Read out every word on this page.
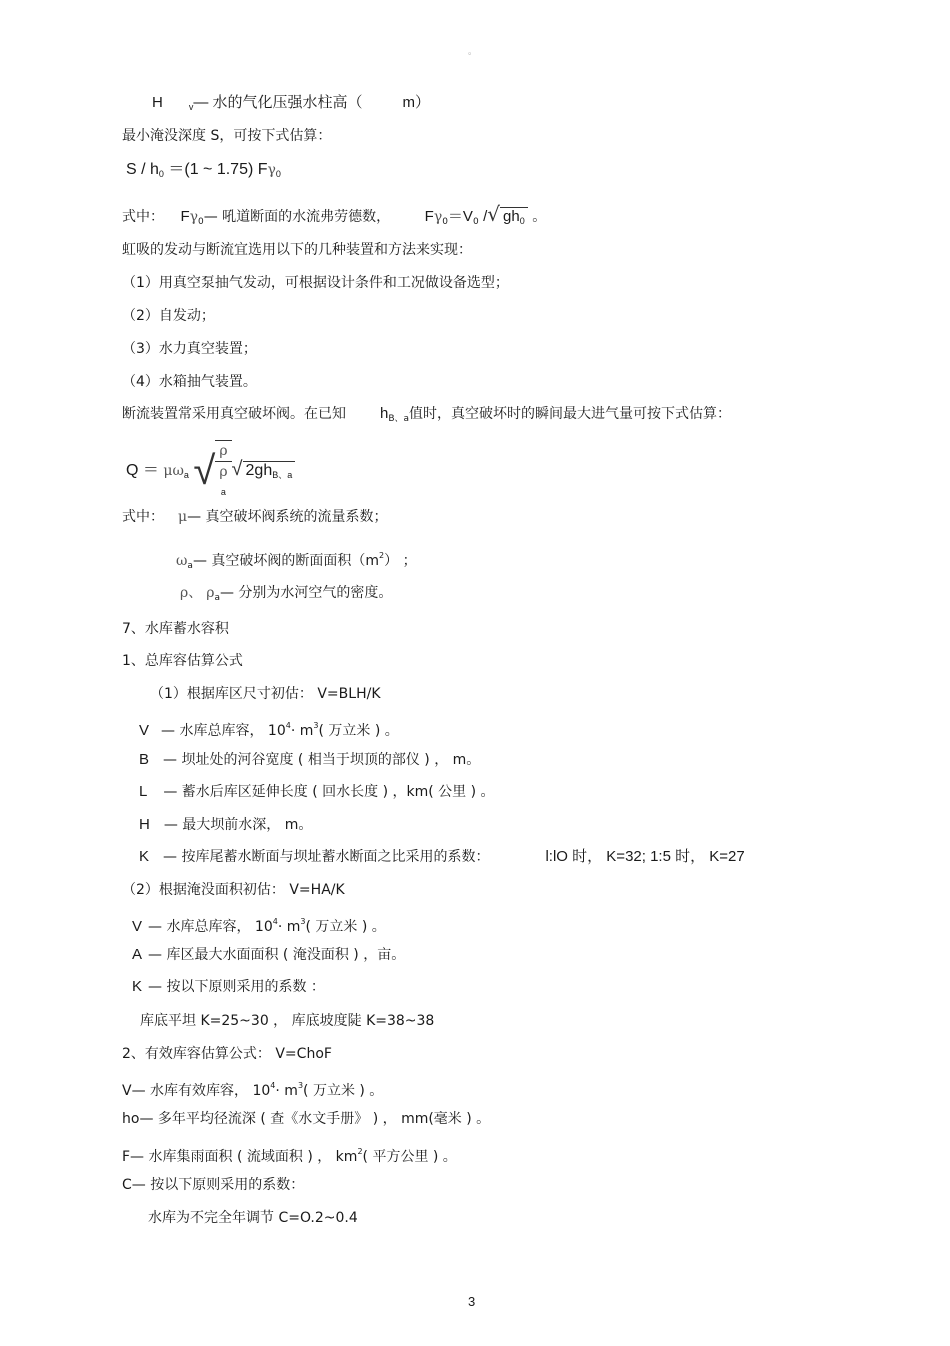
。
H	$_v$— 水的气化压强水柱高（	m）
最小淹没深度 S，可按下式估算：
$S / h_0 =(1$ ~ 1.75) $F\gamma_0$
式中： $F\gamma_0—$ 吼道断面的水流弗劳德数， $F\gamma_0=V_0$ /√ $gh_0$ 。
虹吸的发动与断流宜选用以下的几种装置和方法来实现：
（1）用真空泵抽气发动，可根据设计条件和工况做设备选型；
（2）自发动；
（3）水力真空装置；
（4）水箱抽气装置。
断流装置常采用真空破坏阀。在已知 $h_{B、a}$值时，真空破坏时的瞬间最大进气量可按下式估算：
$Q = \mu\omega_a$ √ ρ
ρ
a √ $2gh_{B、a}$
式中： μ— 真空破坏阀系统的流量系数；
$\omega_a—$ 真空破坏阀的断面面积$(m^2)$ ；
ρ、 $\rho_a—$ 分别为水河空气的密度。
7、水库蓄水容积
1、总库容估算公式
（1）根据库区尺寸初估： V=BLH/K
V — 水库总库容， $10^4\cdot m^3$( 万立米 ) 。
B — 坝址处的河谷宽度 ( 相当于坝顶的部仪 ) ， m。
L — 蓄水后库区延伸长度 ( 回水长度 ) ，km( 公里 ) 。
H — 最大坝前水深， m。
K — 按库尾蓄水断面与坝址蓄水断面之比采用的系数：	l:lO 时， K=32; 1:5 时， K=27
（2）根据淹没面积初估： V=HA/K
V — 水库总库容， $10^4\cdot m^3$( 万立米 ) 。
A — 库区最大水面面积 ( 淹没面积 ) ，亩。
K — 按以下原则采用的系数 ：
库底平坦 K=25~30 ， 库底坡度陡 K=38~38
2、有效库容估算公式： V=ChoF
V— 水库有效库容， $10^4\cdot m^3$( 万立米 ) 。
ho— 多年平均径流深 ( 查《水文手册》 ) ， mm(毫米 ) 。
F— 水库集雨面积 ( 流域面积 ) ， $km^2$( 平方公里 ) 。
C— 按以下原则采用的系数：
水库为不完全年调节 C=O.2~0.4
3
